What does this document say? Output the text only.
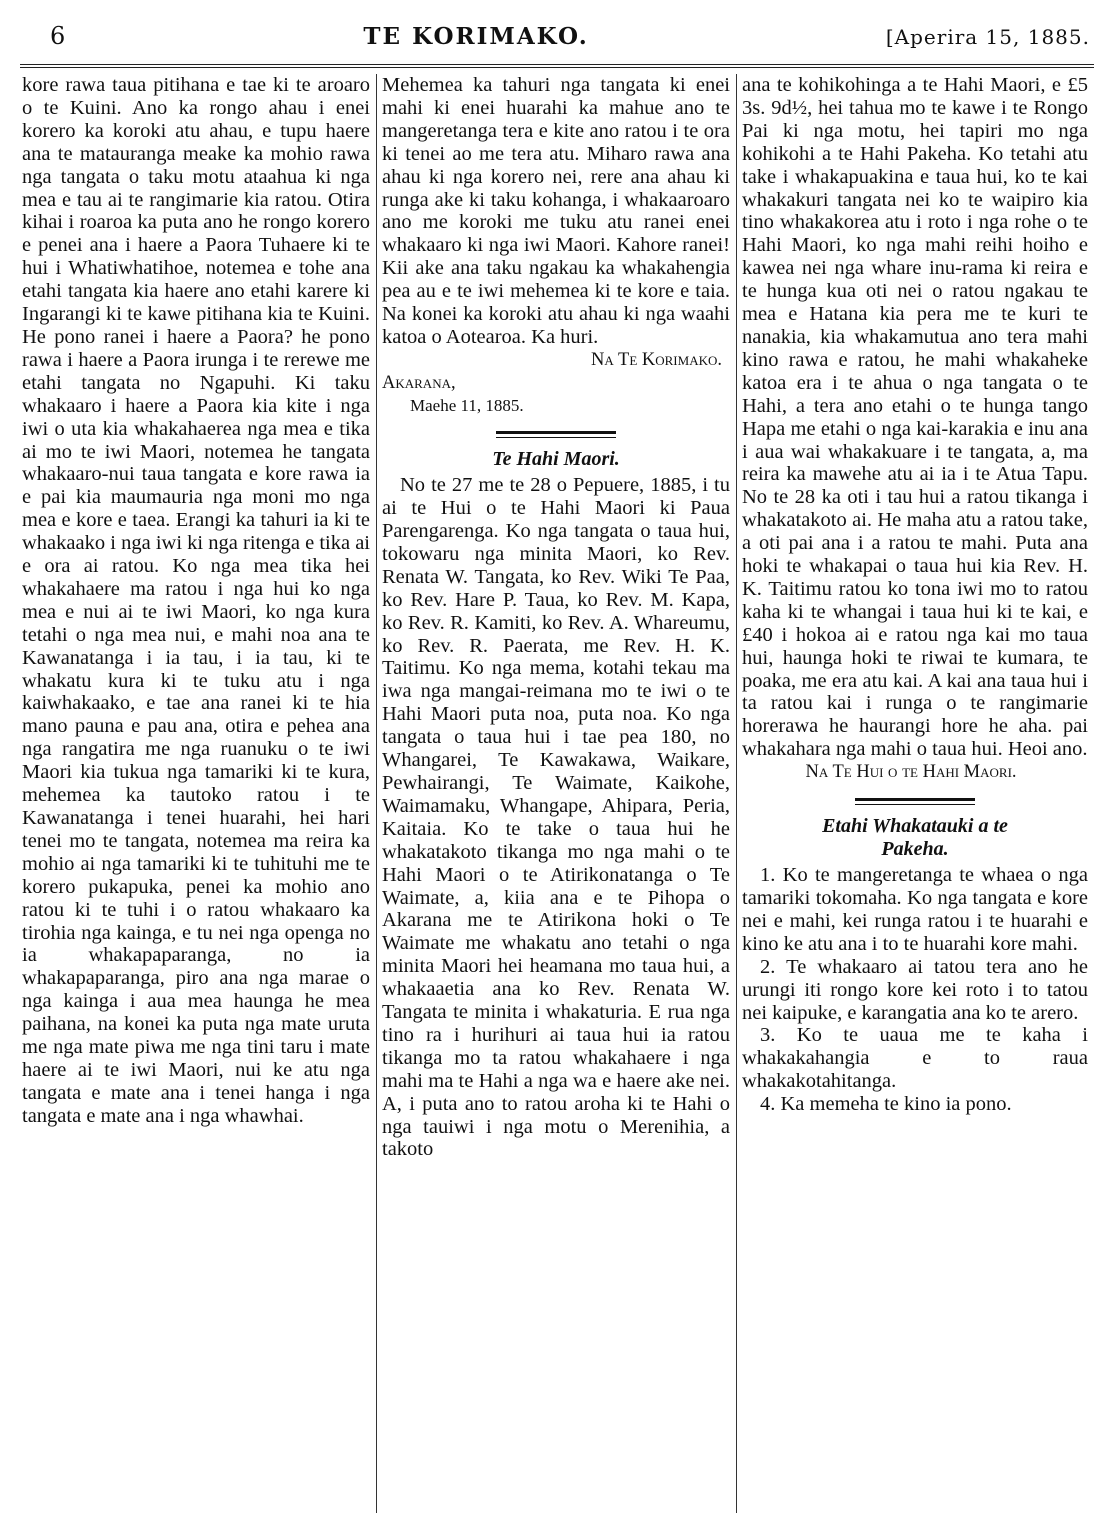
6	TE KORIMAKO.	[Aperira 15, 1885.

kore rawa taua pitihana e tae ki te aroaro o te Kuini. Ano ka rongo ahau i enei korero ka koroki atu ahau, e tupu haere ana te matauranga meake ka mohio rawa nga tangata o taku motu ataahua ki nga mea e tau ai te rangimarie kia ratou. Otira kihai i roaroa ka puta ano he rongo korero e penei ana i haere a Paora Tuhaere ki te hui i Whatiwhatihoe, notemea e tohe ana etahi tangata kia haere ano etahi karere ki Ingarangi ki te kawe pitihana kia te Kuini. He pono ranei i haere a Paora? he pono rawa i haere a Paora irunga i te rerewe me etahi tangata no Ngapuhi. Ki taku whakaaro i haere a Paora kia kite i nga iwi o uta kia whakahaerea nga mea e tika ai mo te iwi Maori, notemea he tangata whakaaro-nui taua tangata e kore rawa ia e pai kia maumauria nga moni mo nga mea e kore e taea. Erangi ka tahuri ia ki te whakaako i nga iwi ki nga ritenga e tika ai e ora ai ratou. Ko nga mea tika hei whakahaere ma ratou i nga hui ko nga mea e nui ai te iwi Maori, ko nga kura tetahi o nga mea nui, e mahi noa ana te Kawanatanga i ia tau, i ia tau, ki te whakatu kura ki te tuku atu i nga kaiwhakaako, e tae ana ranei ki te hia mano pauna e pau ana, otira e pehea ana nga rangatira me nga ruanuku o te iwi Maori kia tukua nga tamariki ki te kura, mehemea ka tautoko ratou i te Kawanatanga i tenei huarahi, hei hari tenei mo te tangata, notemea ma reira ka mohio ai nga tamariki ki te tuhituhi me te korero pukapuka, penei ka mohio ano ratou ki te tuhi i o ratou whakaaro ka tirohia nga kainga, e tu nei nga openga no ia whakapaparanga, no ia whakapaparanga, piro ana nga marae o nga kainga i aua mea haunga he mea paihana, na konei ka puta nga mate uruta me nga mate piwa me nga tini taru i mate haere ai te iwi Maori, nui ke atu nga tangata e mate ana i tenei hanga i nga tangata e mate ana i nga whawhai.

Mehemea ka tahuri nga tangata ki enei mahi ki enei huarahi ka mahue ano te mangeretanga tera e kite ano ratou i te ora ki tenei ao me tera atu. Miharo rawa ana ahau ki nga korero nei, rere ana ahau ki runga ake ki taku kohanga, i whakaaroaro ano me koroki me tuku atu ranei enei whakaaro ki nga iwi Maori. Kahore ranei! Kii ake ana taku ngakau ka whakahengia pea au e te iwi mehemea ki te kore e taia. Na konei ka koroki atu ahau ki nga waahi katoa o Aotearoa. Ka huri.

Na Te Korimako.

Akarana,

Maehe 11, 1885.

Te Hahi Maori.

No te 27 me te 28 o Pepuere, 1885, i tu ai te Hui o te Hahi Maori ki Paua Parengarenga. Ko nga tangata o taua hui, tokowaru nga minita Maori, ko Rev. Renata W. Tangata, ko Rev. Wiki Te Paa, ko Rev. Hare P. Taua, ko Rev. M. Kapa, ko Rev. R. Kamiti, ko Rev. A. Whareumu, ko Rev. R. Paerata, me Rev. H. K. Taitimu. Ko nga mema, kotahi tekau ma iwa nga mangai-reimana mo te iwi o te Hahi Maori puta noa, puta noa. Ko nga tangata o taua hui i tae pea 180, no Whangarei, Te Kawakawa, Waikare, Pewhairangi, Te Waimate, Kaikohe, Waimamaku, Whangape, Ahipara, Peria, Kaitaia. Ko te take o taua hui he whakatakoto tikanga mo nga mahi o te Hahi Maori o te Atirikonatanga o Te Waimate, a, kiia ana e te Pihopa o Akarana me te Atirikona hoki o Te Waimate me whakatu ano tetahi o nga minita Maori hei heamana mo taua hui, a whakaaetia ana ko Rev. Renata W. Tangata te minita i whakaturia. E rua nga tino ra i hurihuri ai taua hui ia ratou tikanga mo ta ratou whakahaere i nga mahi ma te Hahi a nga wa e haere ake nei. A, i puta ano to ratou aroha ki te Hahi o nga tauiwi i nga motu o Merenihia, a takoto

ana te kohikohinga a te Hahi Maori, e £5 3s. 9d½, hei tahua mo te kawe i te Rongo Pai ki nga motu, hei tapiri mo nga kohikohi a te Hahi Pakeha. Ko tetahi atu take i whakapuakina e taua hui, ko te kai whakakuri tangata nei ko te waipiro kia tino whakakorea atu i roto i nga rohe o te Hahi Maori, ko nga mahi reihi hoiho e kawea nei nga whare inu-rama ki reira e te hunga kua oti nei o ratou ngakau te mea e Hatana kia pera me te kuri te nanakia, kia whakamutua ano tera mahi kino rawa e ratou, he mahi whakaheke katoa era i te ahua o nga tangata o te Hahi, a tera ano etahi o te hunga tango Hapa me etahi o nga kai-karakia e inu ana i aua wai whakakuare i te tangata, a, ma reira ka mawehe atu ai ia i te Atua Tapu. No te 28 ka oti i tau hui a ratou tikanga i whakatakoto ai. He maha atu a ratou take, a oti pai ana i a ratou te mahi. Puta ana hoki te whakapai o taua hui kia Rev. H. K. Taitimu ratou ko tona iwi mo to ratou kaha ki te whangai i taua hui ki te kai, e £40 i hokoa ai e ratou nga kai mo taua hui, haunga hoki te riwai te kumara, te poaka, me era atu kai. A kai ana taua hui i ta ratou kai i runga o te rangimarie horerawa he haurangi hore he aha. pai whakahara nga mahi o taua hui. Heoi ano.

Na Te Hui o te Hahi Maori.

Etahi Whakatauki a te Pakeha.

1. Ko te mangeretanga te whaea o nga tamariki tokomaha. Ko nga tangata e kore nei e mahi, kei runga ratou i te huarahi e kino ke atu ana i to te huarahi kore mahi.

2. Te whakaaro ai tatou tera ano he urungi iti rongo kore kei roto i to tatou nei kaipuke, e karangatia ana ko te arero.

3. Ko te uaua me te kaha i whakakahangia e to raua whakakotahitanga.

4. Ka memeha te kino ia pono.
